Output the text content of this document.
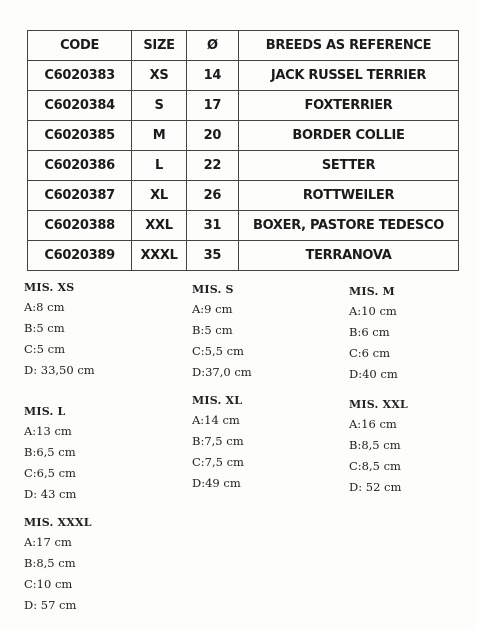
CODE	SIZE	Ø	BREEDS AS REFERENCE
C6020383	XS	14	JACK RUSSEL TERRIER
C6020384	S	17	FOXTERRIER
C6020385	M	20	BORDER COLLIE
C6020386	L	22	SETTER
C6020387	XL	26	ROTTWEILER
C6020388	XXL	31	BOXER, PASTORE TEDESCO
C6020389	XXXL	35	TERRANOVA
MIS. XS
A:8 cm
B:5 cm
C:5 cm
D: 33,50 cm
MIS. S
A:9 cm
B:5 cm
C:5,5 cm
D:37,0 cm
MIS. M
A:10 cm
B:6 cm
C:6 cm
D:40 cm
MIS. L
A:13 cm
B:6,5 cm
C:6,5 cm
D: 43 cm
MIS. XL
A:14 cm
B:7,5 cm
C:7,5 cm
D:49 cm
MIS. XXL
A:16 cm
B:8,5 cm
C:8,5 cm
D: 52 cm
MIS. XXXL
A:17 cm
B:8,5 cm
C:10 cm
D: 57 cm
